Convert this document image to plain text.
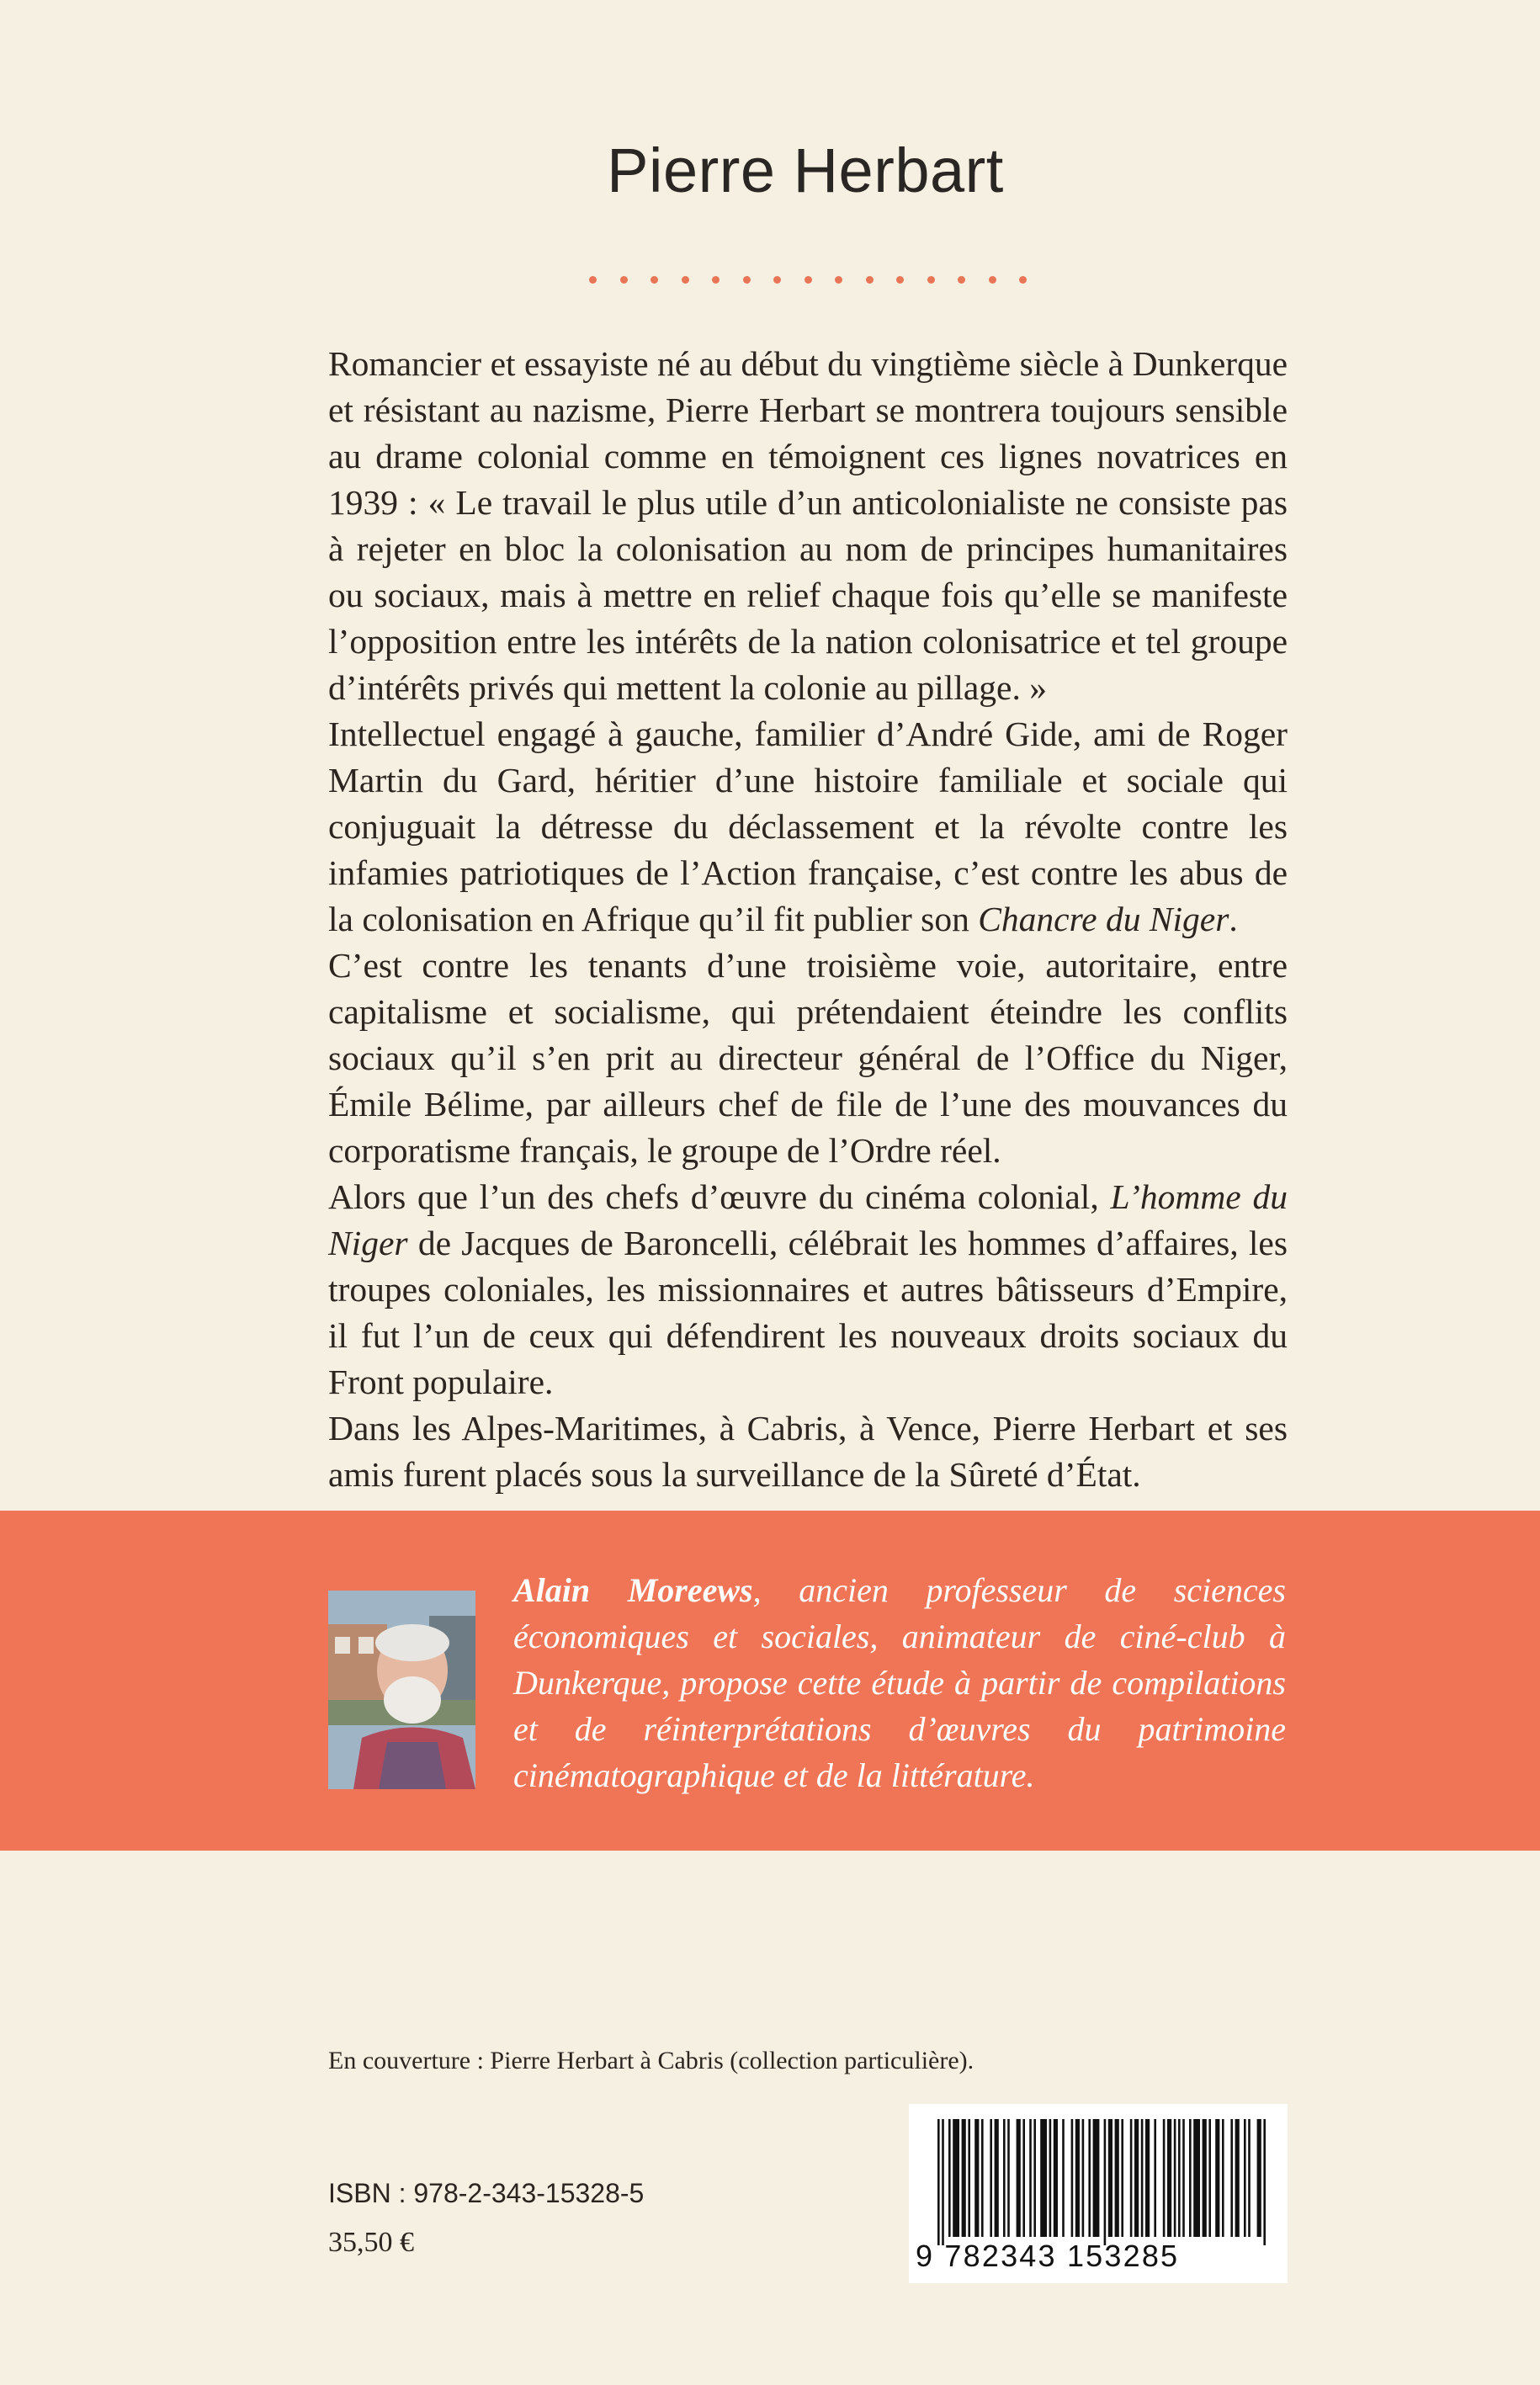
Pierre Herbart

Romancier et essayiste né au début du vingtième siècle à Dunkerque et résistant au nazisme, Pierre Herbart se montrera toujours sensible au drame colonial comme en témoignent ces lignes novatrices en 1939 : « Le travail le plus utile d’un anticolonialiste ne consiste pas à rejeter en bloc la colonisation au nom de principes humanitaires ou sociaux, mais à mettre en relief chaque fois qu’elle se manifeste l’opposition entre les intérêts de la nation colonisatrice et tel groupe d’intérêts privés qui mettent la colonie au pillage. »

Intellectuel engagé à gauche, familier d’André Gide, ami de Roger Martin du Gard, héritier d’une histoire familiale et sociale qui conjuguait la détresse du déclassement et la révolte contre les infamies patriotiques de l’Action française, c’est contre les abus de la colonisation en Afrique qu’il fit publier son Chancre du Niger.

C’est contre les tenants d’une troisième voie, autoritaire, entre capitalisme et socialisme, qui prétendaient éteindre les conflits sociaux qu’il s’en prit au directeur général de l’Office du Niger, Émile Bélime, par ailleurs chef de file de l’une des mouvances du corporatisme français, le groupe de l’Ordre réel.

Alors que l’un des chefs d’œuvre du cinéma colonial, L’homme du Niger de Jacques de Baroncelli, célébrait les hommes d’affaires, les troupes coloniales, les missionnaires et autres bâtisseurs d’Empire, il fut l’un de ceux qui défendirent les nouveaux droits sociaux du Front populaire.

Dans les Alpes-Maritimes, à Cabris, à Vence, Pierre Herbart et ses amis furent placés sous la surveillance de la Sûreté d’État.

Alain Moreews, ancien professeur de sciences économiques et sociales, animateur de ciné-club à Dunkerque, propose cette étude à partir de compilations et de réinterprétations d’œuvres du patrimoine cinématographique et de la littérature.

En couverture : Pierre Herbart à Cabris (collection particulière).

ISBN : 978-2-343-15328-5

35,50 €	9 782343 153285
